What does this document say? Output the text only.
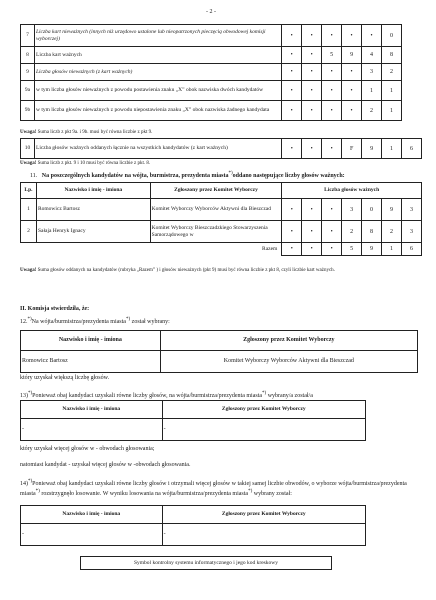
- 2 -
7	Liczba kart nieważnych (innych niż urzędowo ustalone lub nieopatrzonych pieczęcią obwodowej komisji wyborczej)	•	•	•	•	•	0
8	Liczba kart ważnych	•	•	5	9	4	8
9	Liczba głosów nieważnych (z kart ważnych)	•	•	•	•	3	2
9a	w tym liczba głosów nieważnych z powodu postawienia znaku „X” obok nazwiska dwóch kandydatów	•	•	•	•	1	1
9b	w tym liczba głosów nieważnych z powodu niepostawienia znaku „X” obok nazwiska żadnego kandydata	•	•	•	•	2	1
Uwaga! Suma liczb z pkt 9a. i 9b. musi być równa liczbie z pkt 9.
10	Liczba głosów ważnych oddanych łącznie na wszystkich kandydatów (z kart ważnych)	•	•	•	F	9	1	6
Uwaga! Suma liczb z pkt. 9 i 10 musi być równa liczbie z pkt. 8.
11. Na poszczególnych kandydatów na wójta, burmistrza, prezydenta miasta*)oddano następujące liczby głosów ważnych:
Lp.	Nazwisko i imię - imiona	Zgłoszony przez Komitet Wyborczy	Liczba głosów ważnych						
1	Romowicz Bartosz	Komitet Wyborczy Wyborców Aktywni dla Bieszczad	•	•	•	3	0	9	3
2	Sałaja Henryk Ignacy	Komitet Wyborczy Bieszczadzkiego Stowarzyszenia Samorządowego w	•	•	•	2	8	2	3
Razem			•	•	•	5	9	1	6
Uwaga! Suma głosów oddanych na kandydatów (rubryka „Razem” ) i głosów nieważnych (pkt 9) musi być równa liczbie z pkt 8, czyli liczbie kart ważnych.
II. Komisja stwierdziła, że:
12.*)Na wójta/burmistrza/prezydenta miasta*) został wybrany:
Nazwisko i imię - imiona	Zgłoszony przez Komitet Wyborczy
Romowicz Bartosz	Komitet Wyborczy Wyborców Aktywni dla Bieszczad
który uzyskał większą liczbę głosów.
13)*)Ponieważ obaj kandydaci uzyskali równe liczby głosów, na wójta/burmistrza/prezydenta miasta*) wybrany/a został/a
Nazwisko i imię - imiona	Zgłoszony przez Komitet Wyborczy
-	-
który uzyskał więcej głosów w - obwodach głosowania;
natomiast kandydat - uzyskał więcej głosów w -obwodach głosowania.
14)*)Ponieważ obaj kandydaci uzyskali równe liczby głosów i otrzymali więcej głosów w takiej samej liczbie obwodów, o wyborze wójta/burmistrza/prezydenta miasta*) rozstrzygnęło losowanie. W wyniku losowania na wójta/burmistrza/prezydenta miasta*) wybrany został:
Nazwisko i imię - imiona	Zgłoszony przez Komitet Wyborczy
-	-
Symbol kontrolny systemu informatycznego i jego kod kreskowy
